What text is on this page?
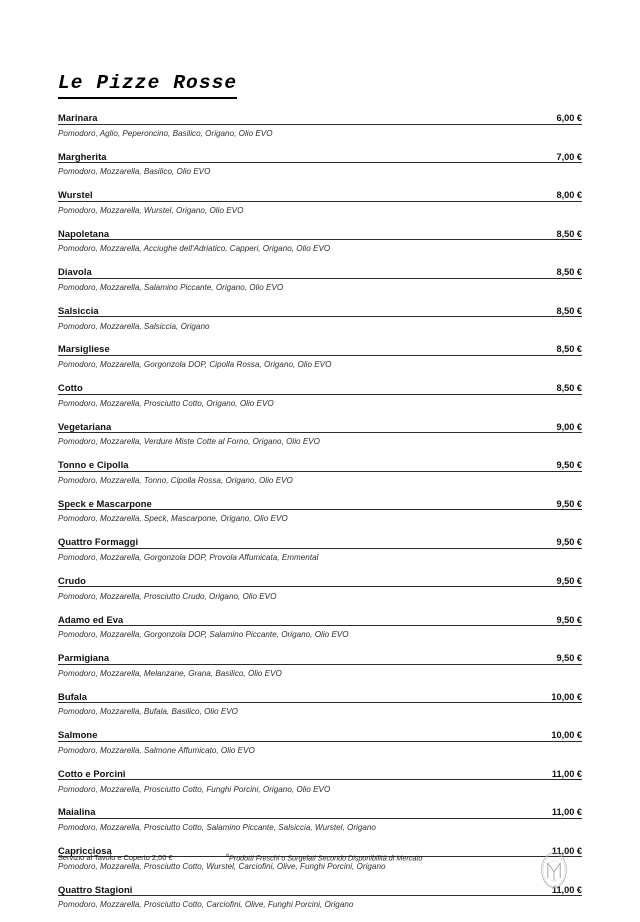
Le Pizze Rosse
Marinara	6,00 €
Pomodoro, Aglio, Peperoncino, Basilico, Origano, Olio EVO
Margherita	7,00 €
Pomodoro, Mozzarella, Basilico, Olio EVO
Wurstel	8,00 €
Pomodoro, Mozzarella, Wurstel, Origano, Olio EVO
Napoletana	8,50 €
Pomodoro, Mozzarella, Acciughe dell'Adriatico, Capperi, Origano, Olio EVO
Diavola	8,50 €
Pomodoro, Mozzarella, Salamino Piccante, Origano, Olio EVO
Salsiccia	8,50 €
Pomodoro, Mozzarella, Salsiccia, Origano
Marsigliese	8,50 €
Pomodoro, Mozzarella, Gorgonzola DOP, Cipolla Rossa, Origano, Olio EVO
Cotto	8,50 €
Pomodoro, Mozzarella, Prosciutto Cotto, Origano, Olio EVO
Vegetariana	9,00 €
Pomodoro, Mozzarella, Verdure Miste Cotte al Forno, Origano, Olio EVO
Tonno e Cipolla	9,50 €
Pomodoro, Mozzarella, Tonno, Cipolla Rossa, Origano, Olio EVO
Speck e Mascarpone	9,50 €
Pomodoro, Mozzarella, Speck, Mascarpone, Origano, Olio EVO
Quattro Formaggi	9,50 €
Pomodoro, Mozzarella, Gorgonzola DOP, Provola Affumicata, Emmental
Crudo	9,50 €
Pomodoro, Mozzarella, Prosciutto Crudo, Origano, Olio EVO
Adamo ed Eva	9,50 €
Pomodoro, Mozzarella, Gorgonzola DOP, Salamino Piccante, Origano, Olio EVO
Parmigiana	9,50 €
Pomodoro, Mozzarella, Melanzane, Grana, Basilico, Olio EVO
Bufala	10,00 €
Pomodoro, Mozzarella, Bufala, Basilico, Olio EVO
Salmone	10,00 €
Pomodoro, Mozzarella, Salmone Affumicato, Olio EVO
Cotto e Porcini	11,00 €
Pomodoro, Mozzarella, Prosciutto Cotto, Funghi Porcini, Origano, Olio EVO
Maialina	11,00 €
Pomodoro, Mozzarella, Prosciutto Cotto, Salamino Piccante, Salsiccia, Wurstel, Origano
Capricciosa	11,00 €
Pomodoro, Mozzarella, Prosciutto Cotto, Wurstel, Carciofini, Olive, Funghi Porcini, Origano
Quattro Stagioni	11,00 €
Pomodoro, Mozzarella, Prosciutto Cotto, Carciofini, Olive, Funghi Porcini, Origano
Servizio al Tavolo e Coperto 2,00 €	#Prodotti Freschi o Surgelati Secondo Disponibilità di Mercato
